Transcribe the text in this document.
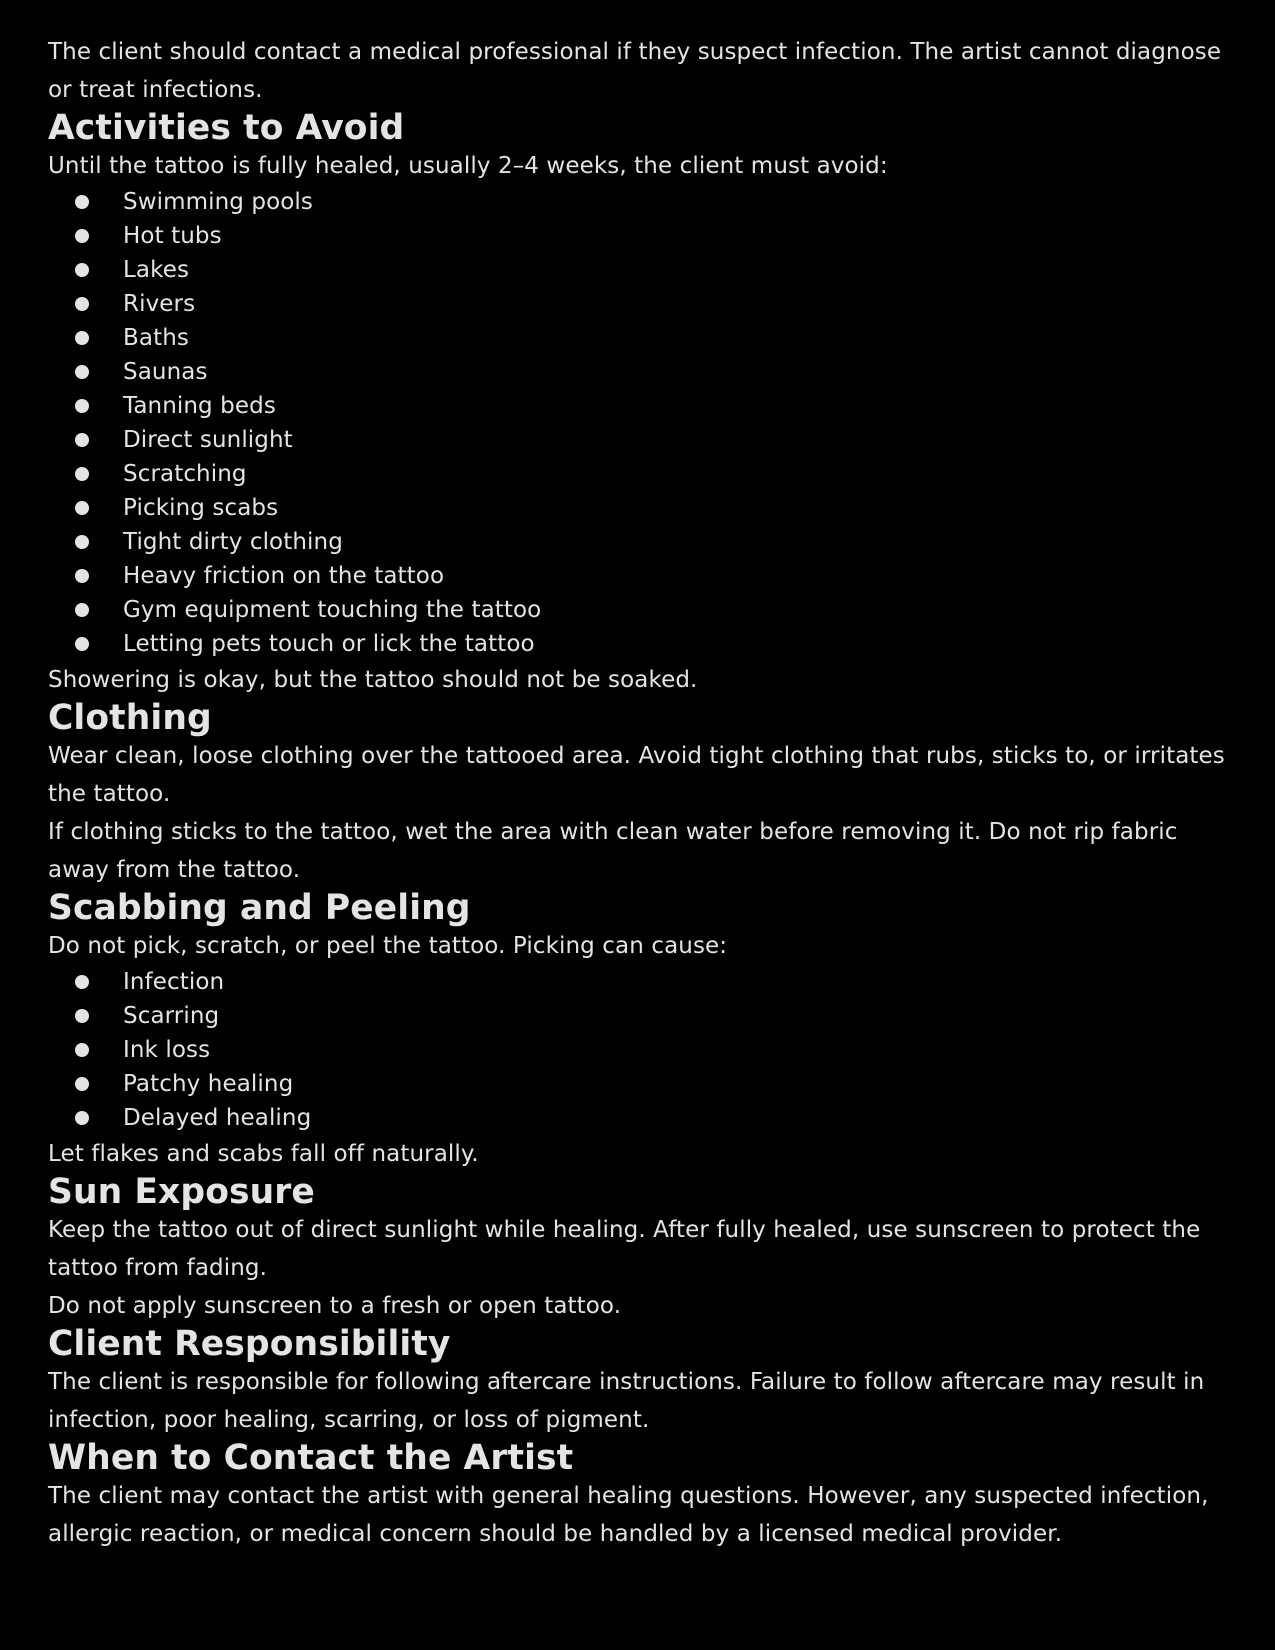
The client should contact a medical professional if they suspect infection. The artist cannot diagnose or treat infections.

Activities to Avoid

Until the tattoo is fully healed, usually 2–4 weeks, the client must avoid:

Swimming pools
Hot tubs
Lakes
Rivers
Baths
Saunas
Tanning beds
Direct sunlight
Scratching
Picking scabs
Tight dirty clothing
Heavy friction on the tattoo
Gym equipment touching the tattoo
Letting pets touch or lick the tattoo

Showering is okay, but the tattoo should not be soaked.

Clothing

Wear clean, loose clothing over the tattooed area. Avoid tight clothing that rubs, sticks to, or irritates the tattoo.

If clothing sticks to the tattoo, wet the area with clean water before removing it. Do not rip fabric away from the tattoo.

Scabbing and Peeling

Do not pick, scratch, or peel the tattoo. Picking can cause:

Infection
Scarring
Ink loss
Patchy healing
Delayed healing

Let flakes and scabs fall off naturally.

Sun Exposure

Keep the tattoo out of direct sunlight while healing. After fully healed, use sunscreen to protect the tattoo from fading.

Do not apply sunscreen to a fresh or open tattoo.

Client Responsibility

The client is responsible for following aftercare instructions. Failure to follow aftercare may result in infection, poor healing, scarring, or loss of pigment.

When to Contact the Artist

The client may contact the artist with general healing questions. However, any suspected infection, allergic reaction, or medical concern should be handled by a licensed medical provider.
